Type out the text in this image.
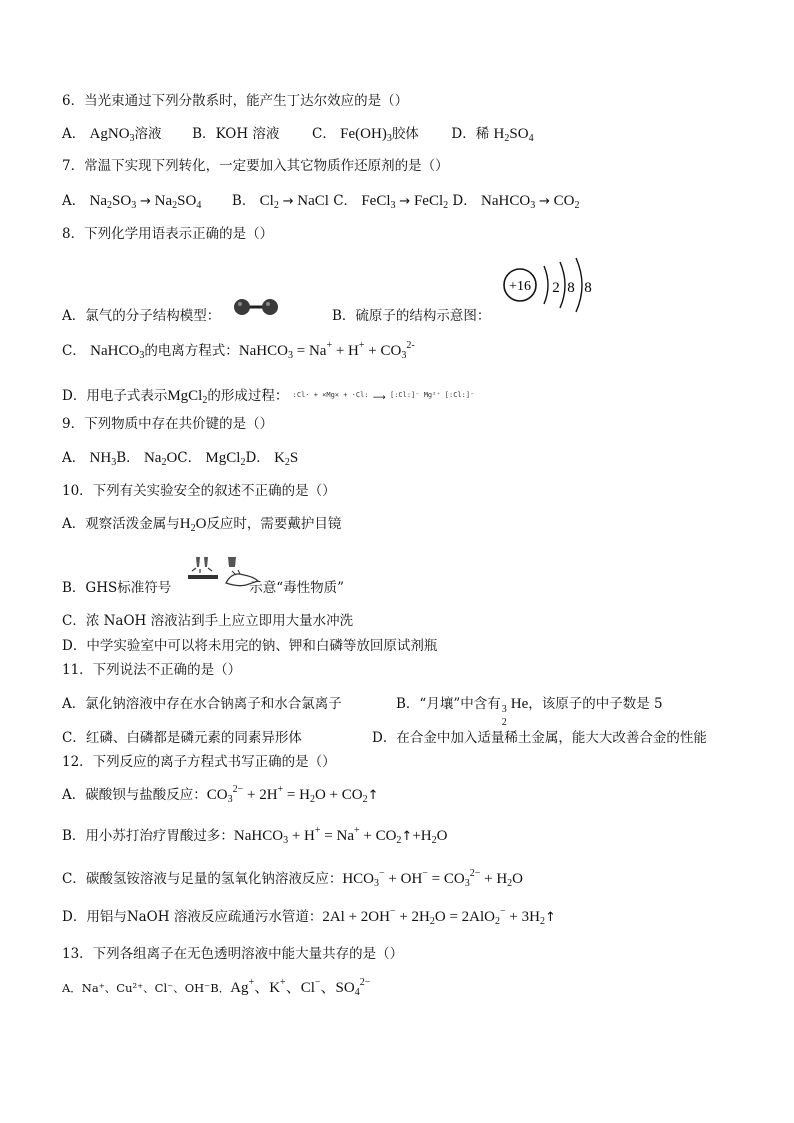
6．当光束通过下列分散系时，能产生丁达尔效应的是（）
A． AgNO$_3$溶液 B．KOH 溶液 C． $Fe(OH)_3$胶体 D．稀 $H_2SO_4$
7．常温下实现下列转化，一定要加入其它物质作还原剂的是（）
A． $Na_2SO_3 \to Na_2SO_4$ B． $Cl_2$ → NaCl C． FeCl$_3$ → FeCl$_2$ D． NaHCO$_3$ → $CO_2$
8．下列化学用语表示正确的是（）
A．氯气的分子结构模型：	B．硫原子的结构示意图：
+16 2 8 8
C． NaHCO$_3$的电离方程式：NaHCO$_3$ = $Na^+ + H^+ + CO_3^{2-}$
D．用电子式表示MgCl$_2$的形成过程： $^{:Cl\cdot + \times Mg\times + \cdot Cl:}$ ⟶ $^{[:Cl:]^- Mg^{2+} [:Cl:]^-}$
9．下列物质中存在共价键的是（）
A． $NH_3B$． $Na_2OC$． MgCl$_2$D． $K_2S$
10．下列有关实验安全的叙述不正确的是（）
A．观察活泼金属与$H_2O$反应时，需要戴护目镜
B．GHS标准符号	示意“毒性物质”
C．浓 NaOH 溶液沾到手上应立即用大量水冲洗
D．中学实验室中可以将未用完的钠、钾和白磷等放回原试剂瓶
11．下列说法不正确的是（）
A．氯化钠溶液中存在水合钠离子和水合氯离子	B．“月壤”中含有 3
2
He，该原子的中子数是 5
C．红磷、白磷都是磷元素的同素异形体	D．在合金中加入适量稀土金属，能大大改善合金的性能
12．下列反应的离子方程式书写正确的是（）
A．碳酸钡与盐酸反应：$CO_3^{2-} + 2H^+ = H_2O$ + $CO_2↑$
B．用小苏打治疗胃酸过多：NaHCO$_3$ + $H^+ = Na^+ + CO_2↑+H_2O$
C．碳酸氢铵溶液与足量的氢氧化钠溶液反应：$HCO_3^- + OH^- = CO_3^{2-} + H_2O$
D．用铝与NaOH 溶液反应疏通污水管道：$2Al + 2OH^- + 2H_2O = 2AlO_2^-$ + $3H_2↑$
13．下列各组离子在无色透明溶液中能大量共存的是（）
A．Na⁺、Cu²⁺、Cl⁻、OH⁻B．Ag+、K+、Cl−、$SO_4^{2-}$
